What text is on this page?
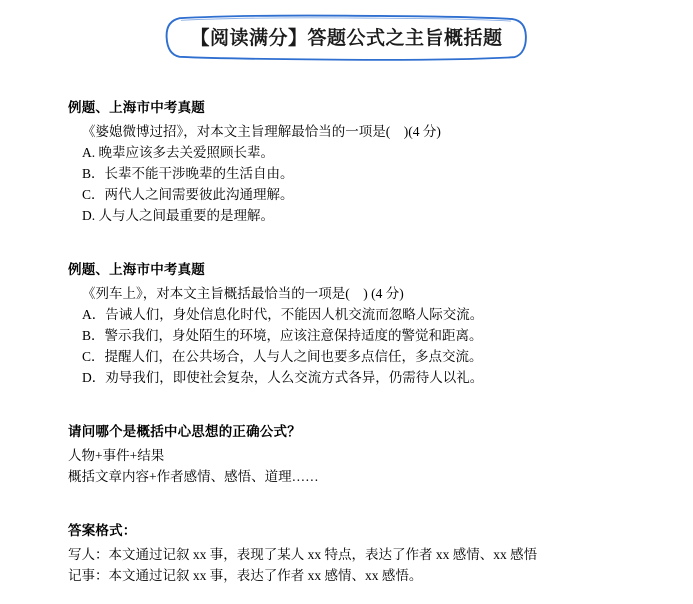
【阅读满分】答题公式之主旨概括题
例题、上海市中考真题
《婆媳微博过招》，对本文主旨理解最恰当的一项是(    )(4 分)
A. 晚辈应该多去关爱照顾长辈。
B．长辈不能干涉晚辈的生活自由。
C．两代人之间需要彼此沟通理解。
D. 人与人之间最重要的是理解。
例题、上海市中考真题
《列车上》，对本文主旨概括最恰当的一项是(    ) (4 分)
A．告诫人们，身处信息化时代，不能因人机交流而忽略人际交流。
B．警示我们，身处陌生的环境，应该注意保持适度的警觉和距离。
C．提醒人们，在公共场合，人与人之间也要多点信任，多点交流。
D．劝导我们，即使社会复杂，人么交流方式各异，仍需待人以礼。
请问哪个是概括中心思想的正确公式？
人物+事件+结果
概括文章内容+作者感情、感悟、道理……
答案格式：
写人：本文通过记叙 xx 事，表现了某人 xx 特点，表达了作者 xx 感情、xx 感悟
记事：本文通过记叙 xx 事，表达了作者 xx 感情、xx 感悟。
